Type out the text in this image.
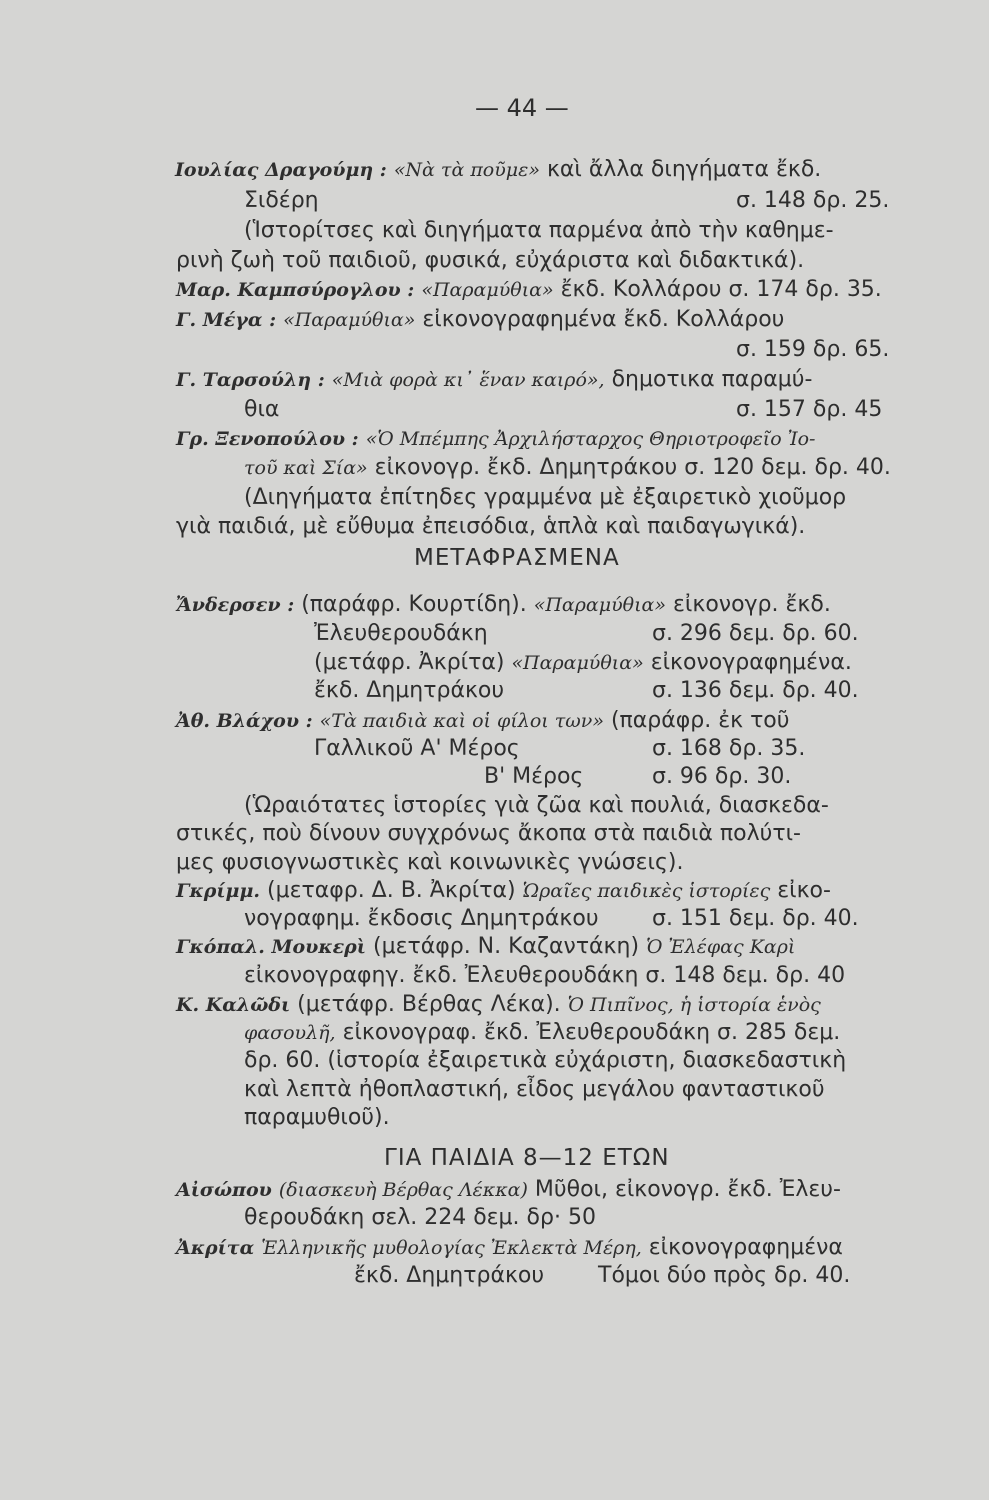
— 44 —
Ιουλίας Δραγούμη : «Νὰ τὰ ποῦμε» καὶ ἄλλα διηγήματα ἔκδ.
Σιδέρη	σ. 148 δρ. 25.
(Ἱστορίτσες καὶ διηγήματα παρμένα ἀπὸ τὴν καθημε-
ρινὴ ζωὴ τοῦ παιδιοῦ, φυσικά, εὐχάριστα καὶ διδακτικά).
Μαρ. Καμπσύρογλου : «Παραμύθια» ἔκδ. Κολλάρου σ. 174 δρ. 35.
Γ. Μέγα : «Παραμύθια» εἰκονογραφημένα ἔκδ. Κολλάρου
σ. 159 δρ. 65.
Γ. Ταρσούλη : «Μιὰ φορὰ κι᾽ ἕναν καιρό», δημοτικα παραμύ-
θια	σ. 157 δρ. 45
Γρ. Ξενοπούλου : «Ὁ Μπέμπης Ἀρχιλήσταρχος Θηριοτροφεῖο Ἰο-
τοῦ καὶ Σία» εἰκονογρ. ἔκδ. Δημητράκου σ. 120 δεμ. δρ. 40.
(Διηγήματα ἐπίτηδες γραμμένα μὲ ἐξαιρετικὸ χιοῦμορ
γιὰ παιδιά, μὲ εὔθυμα ἐπεισόδια, ἁπλὰ καὶ παιδαγωγικά).
ΜΕΤΑΦΡΑΣΜΕΝΑ
Ἄνδερσεν : (παράφρ. Κουρτίδη). «Παραμύθια» εἰκονογρ. ἔκδ.
Ἐλευθερουδάκη	σ. 296 δεμ. δρ. 60.
(μετάφρ. Ἀκρίτα) «Παραμύθια» εἰκονογραφημένα.
ἔκδ. Δημητράκου	σ. 136 δεμ. δρ. 40.
Ἀθ. Βλάχου : «Τὰ παιδιὰ καὶ οἱ φίλοι των» (παράφρ. ἐκ τοῦ
Γαλλικοῦ Α' Μέρος	σ. 168 δρ. 35.
Β' Μέρος	σ. 96 δρ. 30.
(Ὡραιότατες ἱστορίες γιὰ ζῶα καὶ πουλιά, διασκεδα-
στικές, ποὺ δίνουν συγχρόνως ἄκοπα στὰ παιδιὰ πολύτι-
μες φυσιογνωστικὲς καὶ κοινωνικὲς γνώσεις).
Γκρίμμ. (μεταφρ. Δ. Β. Ἀκρίτα) Ὡραῖες παιδικὲς ἱστορίες εἰκο-
νογραφημ. ἔκδοσις Δημητράκου σ. 151 δεμ. δρ. 40.
Γκόπαλ. Μουκερὶ (μετάφρ. Ν. Καζαντάκη) Ὁ Ἐλέφας Καρὶ
εἰκονογραφηγ. ἔκδ. Ἐλευθερουδάκη σ. 148 δεμ. δρ. 40
Κ. Καλῶδι (μετάφρ. Βέρθας Λέκα). Ὁ Πιπῖνος, ἡ ἱστορία ἑνὸς
φασουλῆ, εἰκονογραφ. ἔκδ. Ἐλευθερουδάκη σ. 285 δεμ.
δρ. 60. (ἱστορία ἐξαιρετικὰ εὐχάριστη, διασκεδαστικὴ
καὶ λεπτὰ ἠθοπλαστική, εἶδος μεγάλου φανταστικοῦ
παραμυθιοῦ).
ΓΙΑ ΠΑΙΔΙΑ 8—12 ΕΤΩΝ
Αἰσώπου (διασκευὴ Βέρθας Λέκκα) Μῦθοι, εἰκονογρ. ἔκδ. Ἐλευ-
θερουδάκη σελ. 224 δεμ. δρ· 50
Ἀκρίτα Ἑλληνικῆς μυθολογίας Ἐκλεκτὰ Μέρη, εἰκονογραφημένα
ἔκδ. Δημητράκου Τόμοι δύο πρὸς δρ. 40.
